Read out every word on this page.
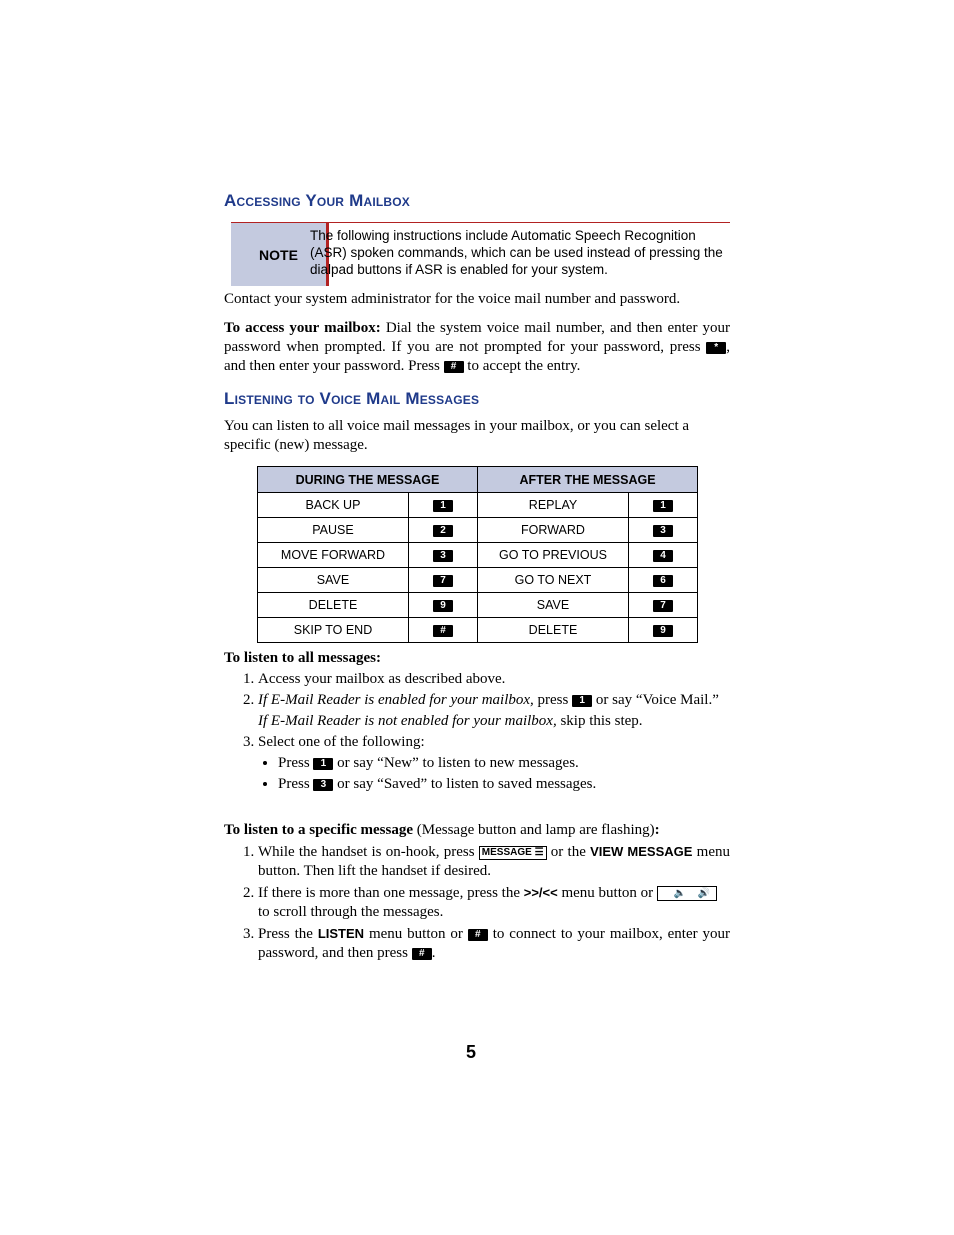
Accessing Your Mailbox
NOTE
The following instructions include Automatic Speech Recognition (ASR) spoken commands, which can be used instead of pressing the dialpad buttons if ASR is enabled for your system.

Contact your system administrator for the voice mail number and password.

To access your mailbox: Dial the system voice mail number, and then enter your password when prompted. If you are not prompted for your password, press * , and then enter your password. Press # to accept the entry.

Listening to Voice Mail Messages

You can listen to all voice mail messages in your mailbox, or you can select a specific (new) message.

DURING THE MESSAGE		AFTER THE MESSAGE	
BACK UP	1	REPLAY	1
PAUSE	2	FORWARD	3
MOVE FORWARD	3	GO TO PREVIOUS	4
SAVE	7	GO TO NEXT	6
DELETE	9	SAVE	7
SKIP TO END	#	DELETE	9
To listen to all messages:
1. Access your mailbox as described above.
2. If E-Mail Reader is enabled for your mailbox, press 1 or say “Voice Mail.”
If E-Mail Reader is not enabled for your mailbox, skip this step.
3. Select one of the following:
• Press 1 or say “New” to listen to new messages.
• Press 3 or say “Saved” to listen to saved messages.
To listen to a specific message (Message button and lamp are flashing):
1. While the handset is on-hook, press MESSAGE ☰ or the VIEW MESSAGE menu button. Then lift the handset if desired.
2. If there is more than one message, press the >>/<< menu button or 🔈 🔊
to scroll through the messages.
3. Press the LISTEN menu button or # to connect to your mailbox, enter your password, and then press # .
5
